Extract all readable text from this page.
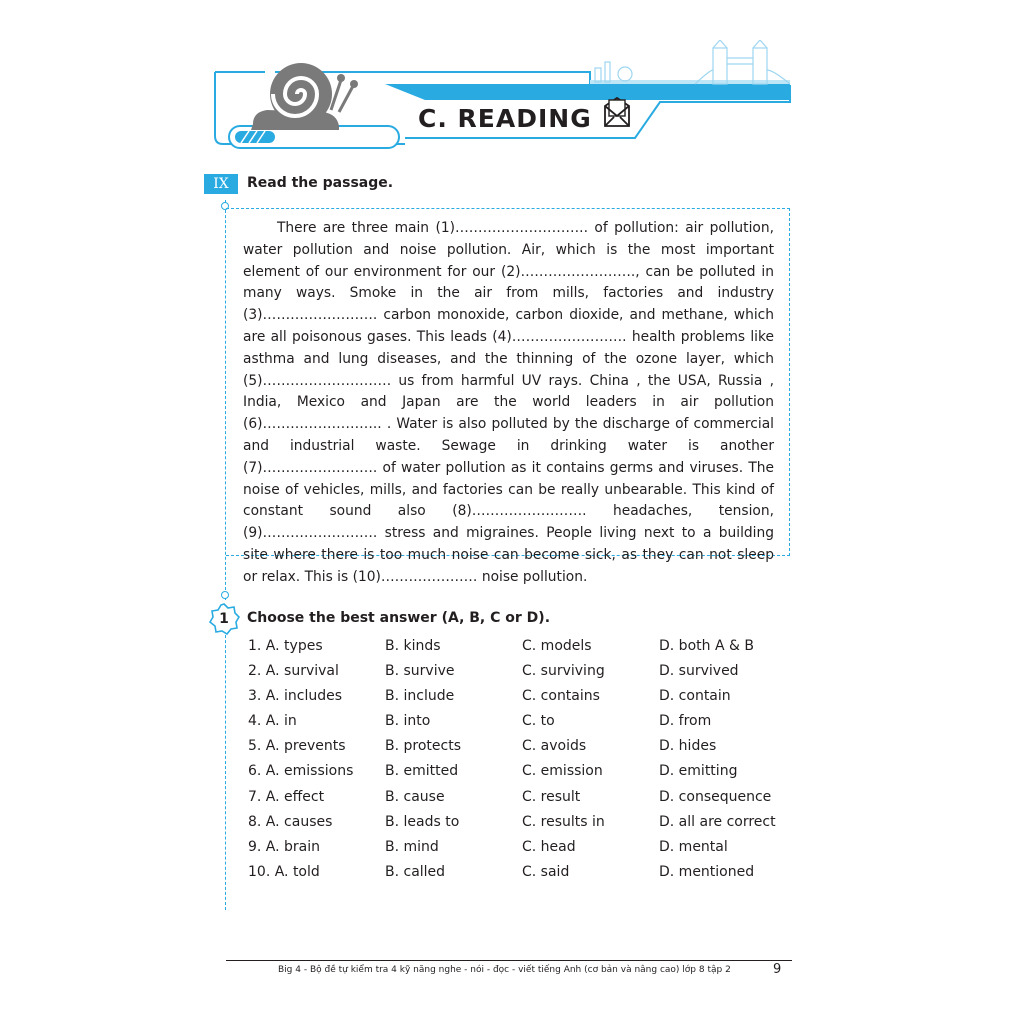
C. READING
IX	Read the passage.

There are three main (1)……………………….. of pollution: air pollution, water pollution and noise pollution. Air, which is the most important element of our environment for our (2)……………………., can be polluted in many ways. Smoke in the air from mills, factories and industry (3)……………………. carbon monoxide, carbon dioxide, and methane, which are all poisonous gases. This leads (4)……………………. health problems like asthma and lung diseases, and the thinning of the ozone layer, which (5)………………………. us from harmful UV rays. China , the USA, Russia , India, Mexico and Japan are the world leaders in air pollution (6)…………………….. . Water is also polluted by the discharge of commercial and industrial waste. Sewage in drinking water is another (7)……………………. of water pollution as it contains germs and viruses. The noise of vehicles, mills, and factories can be really unbearable. This kind of constant sound also (8)……………………. headaches, tension, (9)……………………. stress and migraines. People living next to a building site where there is too much noise can become sick, as they can not sleep or relax. This is (10)………………… noise pollution.

1	Choose the best answer (A, B, C or D).
1. A. types	B. kinds	C. models	D. both A & B
2. A. survival	B. survive	C. surviving	D. survived
3. A. includes	B. include	C. contains	D. contain
4. A. in	B. into	C. to	D. from
5. A. prevents	B. protects	C. avoids	D. hides
6. A. emissions B. emitted	C. emission	D. emitting
7. A. effect	B. cause	C. result	D. consequence
8. A. causes	B. leads to	C. results in	D. all are correct
9. A. brain	B. mind	C. head	D. mental
10. A. told	B. called	C. said	D. mentioned

Big 4 - Bộ đề tự kiểm tra 4 kỹ năng nghe - nói - đọc - viết tiếng Anh (cơ bản và nâng cao) lớp 8 tập 2	9
